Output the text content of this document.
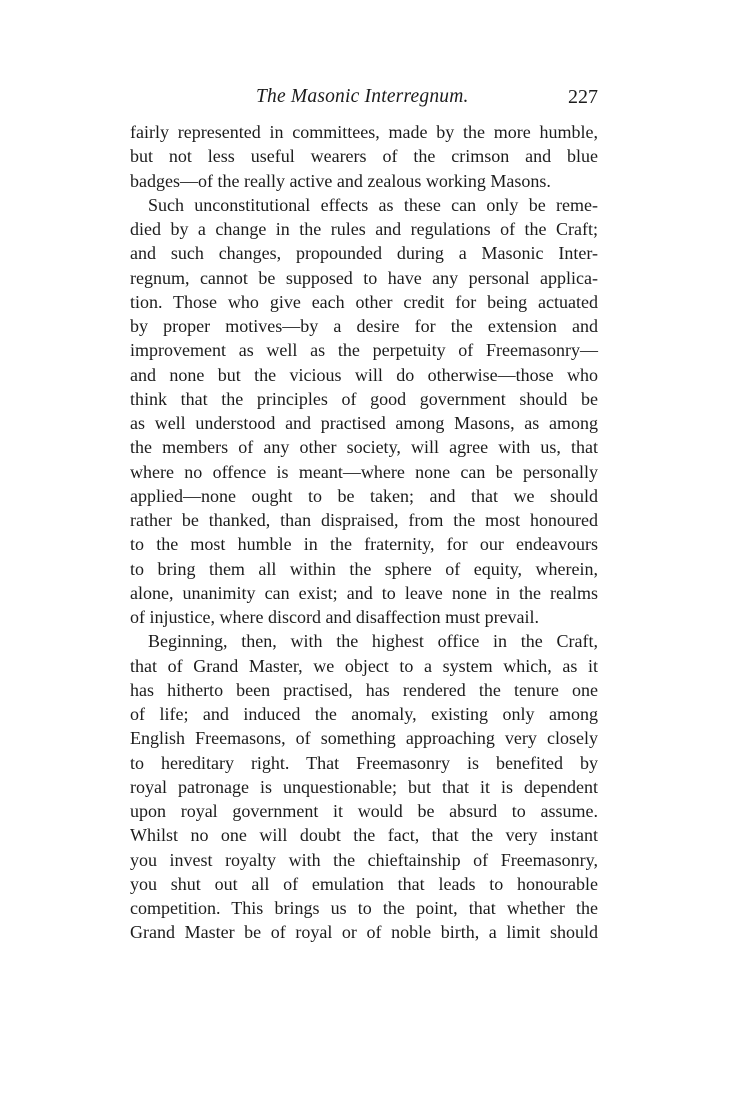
The Masonic Interregnum.	227
fairly represented in committees, made by the more humble,
but not less useful wearers of the crimson and blue
badges—of the really active and zealous working Masons.
Such unconstitutional effects as these can only be reme-
died by a change in the rules and regulations of the Craft;
and such changes, propounded during a Masonic Inter-
regnum, cannot be supposed to have any personal applica-
tion. Those who give each other credit for being actuated
by proper motives—by a desire for the extension and
improvement as well as the perpetuity of Freemasonry—
and none but the vicious will do otherwise—those who
think that the principles of good government should be
as well understood and practised among Masons, as among
the members of any other society, will agree with us, that
where no offence is meant—where none can be personally
applied—none ought to be taken; and that we should
rather be thanked, than dispraised, from the most honoured
to the most humble in the fraternity, for our endeavours
to bring them all within the sphere of equity, wherein,
alone, unanimity can exist; and to leave none in the realms
of injustice, where discord and disaffection must prevail.
Beginning, then, with the highest office in the Craft,
that of Grand Master, we object to a system which, as it
has hitherto been practised, has rendered the tenure one
of life; and induced the anomaly, existing only among
English Freemasons, of something approaching very closely
to hereditary right. That Freemasonry is benefited by
royal patronage is unquestionable; but that it is dependent
upon royal government it would be absurd to assume.
Whilst no one will doubt the fact, that the very instant
you invest royalty with the chieftainship of Freemasonry,
you shut out all of emulation that leads to honourable
competition. This brings us to the point, that whether the
Grand Master be of royal or of noble birth, a limit should
